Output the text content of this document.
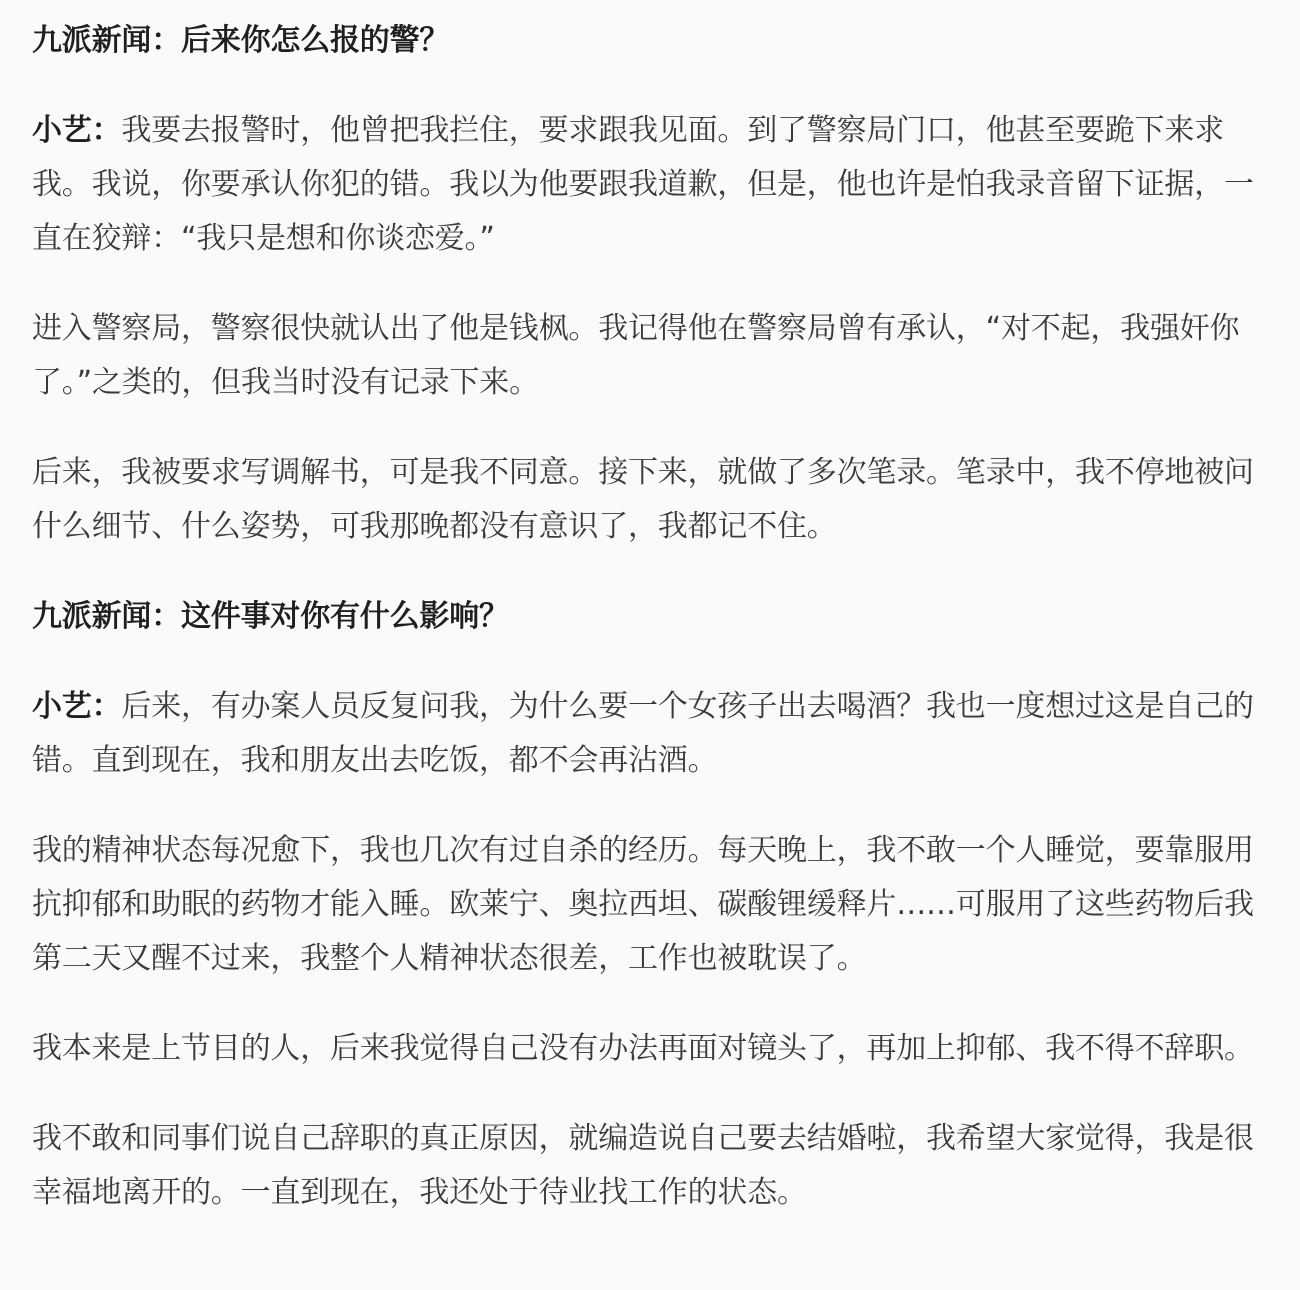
九派新闻：后来你怎么报的警？

小艺：我要去报警时，他曾把我拦住，要求跟我见面。到了警察局门口，他甚至要跪下来求我。我说，你要承认你犯的错。我以为他要跟我道歉，但是，他也许是怕我录音留下证据，一直在狡辩：“我只是想和你谈恋爱。”

进入警察局，警察很快就认出了他是钱枫。我记得他在警察局曾有承认，“对不起，我强奸你了。”之类的，但我当时没有记录下来。

后来，我被要求写调解书，可是我不同意。接下来，就做了多次笔录。笔录中，我不停地被问什么细节、什么姿势，可我那晚都没有意识了，我都记不住。

九派新闻：这件事对你有什么影响？

小艺：后来，有办案人员反复问我，为什么要一个女孩子出去喝酒？我也一度想过这是自己的错。直到现在，我和朋友出去吃饭，都不会再沾酒。

我的精神状态每况愈下，我也几次有过自杀的经历。每天晚上，我不敢一个人睡觉，要靠服用抗抑郁和助眠的药物才能入睡。欧莱宁、奥拉西坦、碳酸锂缓释片……可服用了这些药物后我第二天又醒不过来，我整个人精神状态很差，工作也被耽误了。

我本来是上节目的人，后来我觉得自己没有办法再面对镜头了，再加上抑郁、我不得不辞职。

我不敢和同事们说自己辞职的真正原因，就编造说自己要去结婚啦，我希望大家觉得，我是很幸福地离开的。一直到现在，我还处于待业找工作的状态。
